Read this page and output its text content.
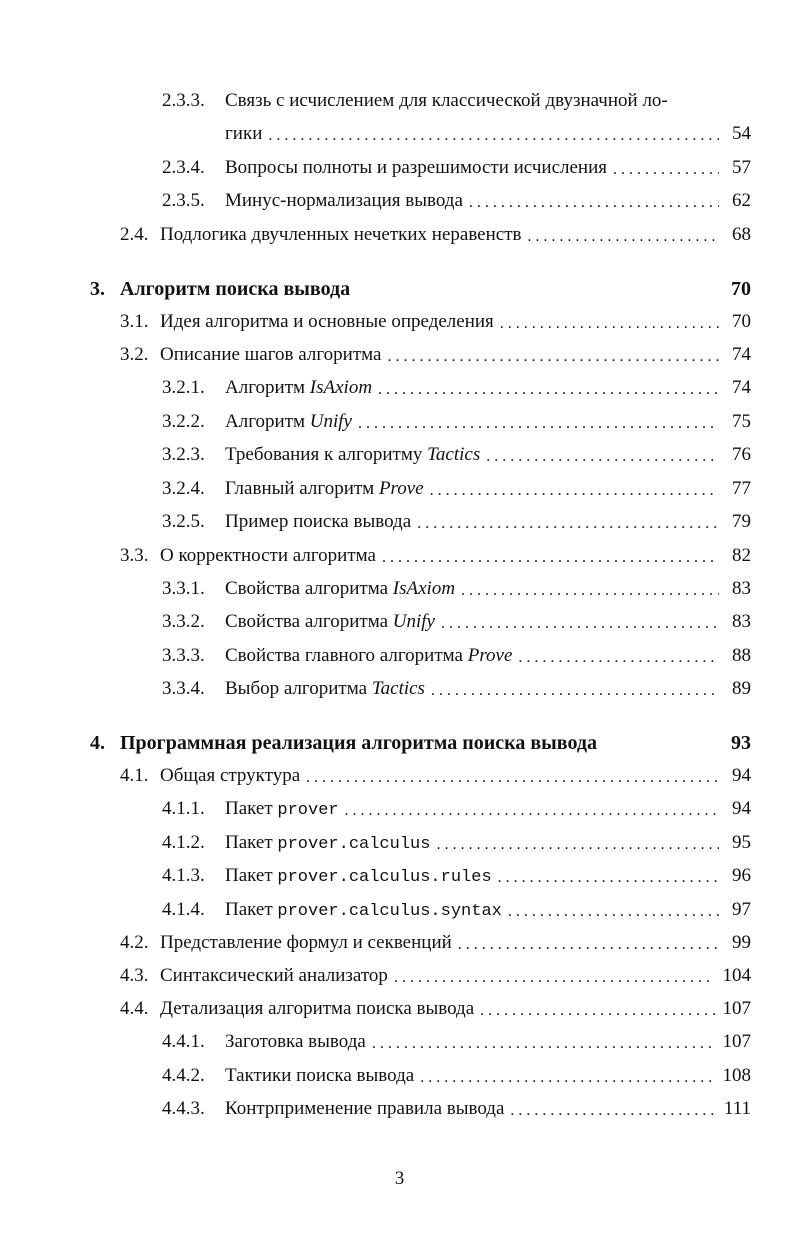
2.3.3.	Связь с исчислением для классической двузначной ло-
гики . . .	54
2.3.4.	Вопросы полноты и разрешимости исчисления . . .	57
2.3.5.	Минус-нормализация вывода . . .	62
2.4. Подлогика двучленных нечетких неравенств . . .	68
3. Алгоритм поиска вывода	70
3.1. Идея алгоритма и основные определения . . .	70
3.2. Описание шагов алгоритма . . .	74
3.2.1.	Алгоритм IsAxiom . . .	74
3.2.2.	Алгоритм Unify . . .	75
3.2.3.	Требования к алгоритму Tactics . . .	76
3.2.4.	Главный алгоритм Prove . . .	77
3.2.5.	Пример поиска вывода . . .	79
3.3. О корректности алгоритма . . .	82
3.3.1.	Свойства алгоритма IsAxiom . . .	83
3.3.2.	Свойства алгоритма Unify . . .	83
3.3.3.	Свойства главного алгоритма Prove . . .	88
3.3.4.	Выбор алгоритма Tactics . . .	89
4. Программная реализация алгоритма поиска вывода	93
4.1. Общая структура . . .	94
4.1.1.	Пакет prover . . .	94
4.1.2.	Пакет prover.calculus . . .	95
4.1.3.	Пакет prover.calculus.rules . . .	96
4.1.4.	Пакет prover.calculus.syntax . . .	97
4.2. Представление формул и секвенций . . .	99
4.3. Синтаксический анализатор . . .	104
4.4. Детализация алгоритма поиска вывода . . .	107
4.4.1.	Заготовка вывода . . .	107
4.4.2.	Тактики поиска вывода . . .	108
4.4.3.	Контрприменение правила вывода . . .	111
3
